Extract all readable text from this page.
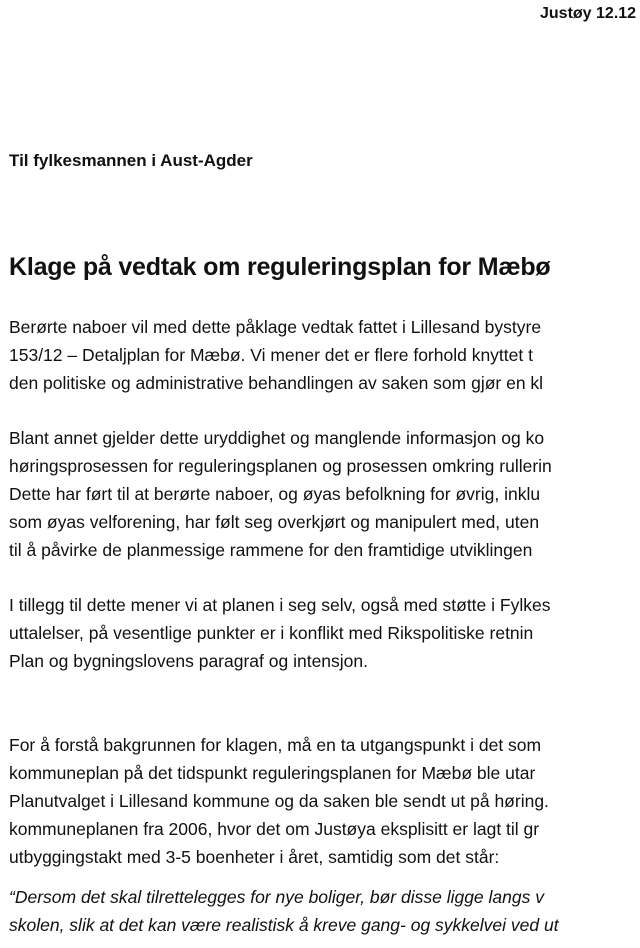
Justøy 12.12
Til fylkesmannen i Aust-Agder
Klage på vedtak om reguleringsplan for Mæbø
Berørte naboer vil med dette påklage vedtak fattet i Lillesand bystyre
153/12 – Detaljplan for Mæbø. Vi mener det er flere forhold knyttet t
den politiske og administrative behandlingen av saken som gjør en kl
Blant annet gjelder dette uryddighet og manglende informasjon og ko
høringsprosessen for reguleringsplanen og prosessen omkring rullerin
Dette har ført til at berørte naboer, og øyas befolkning for øvrig, inklu
som øyas velforening, har følt seg overkjørt og manipulert med, uten
til å påvirke de planmessige rammene for den framtidige utviklingen
I tillegg til dette mener vi at planen i seg selv, også med støtte i Fylkes
uttalelser, på vesentlige punkter er i konflikt med Rikspolitiske retnin
Plan og bygningslovens paragraf og intensjon.
For å forstå bakgrunnen for klagen, må en ta utgangspunkt i det som
kommuneplan på det tidspunkt reguleringsplanen for Mæbø ble utar
Planutvalget i Lillesand kommune og da saken ble sendt ut på høring.
kommuneplanen fra 2006, hvor det om Justøya eksplisitt er lagt til gr
utbyggingstakt med 3-5 boenheter i året, samtidig som det står:
“Dersom det skal tilrettelegges for nye boliger, bør disse ligge langs v
skolen, slik at det kan være realistisk å kreve gang- og sykkelvei ved ut
